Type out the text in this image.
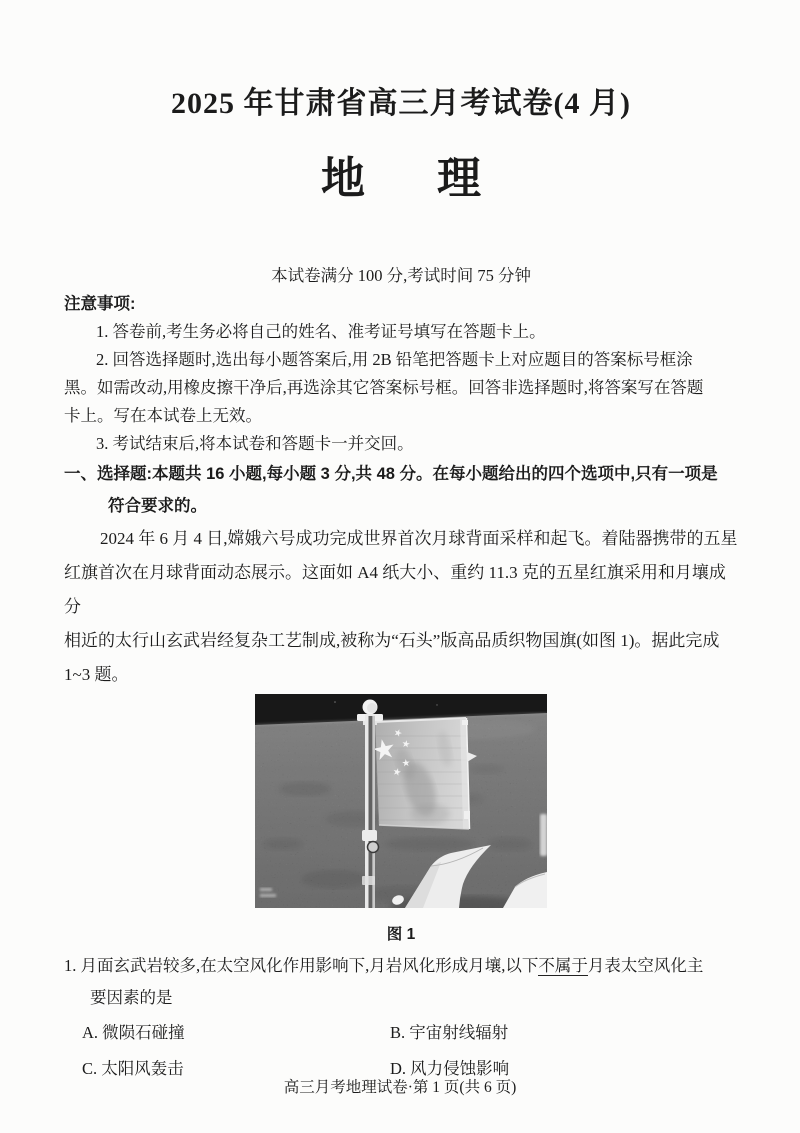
2025 年甘肃省高三月考试卷(4 月)
地 理
本试卷满分 100 分,考试时间 75 分钟
注意事项:
1. 答卷前,考生务必将自己的姓名、准考证号填写在答题卡上。
2. 回答选择题时,选出每小题答案后,用 2B 铅笔把答题卡上对应题目的答案标号框涂
黑。如需改动,用橡皮擦干净后,再选涂其它答案标号框。回答非选择题时,将答案写在答题
卡上。写在本试卷上无效。
3. 考试结束后,将本试卷和答题卡一并交回。
一、选择题:本题共 16 小题,每小题 3 分,共 48 分。在每小题给出的四个选项中,只有一项是
符合要求的。
2024 年 6 月 4 日,嫦娥六号成功完成世界首次月球背面采样和起飞。着陆器携带的五星
红旗首次在月球背面动态展示。这面如 A4 纸大小、重约 11.3 克的五星红旗采用和月壤成分
相近的太行山玄武岩经复杂工艺制成,被称为“石头”版高品质织物国旗(如图 1)。据此完成
1~3 题。
图 1
1. 月面玄武岩较多,在太空风化作用影响下,月岩风化形成月壤,以下不属于月表太空风化主
要因素的是
A. 微陨石碰撞	B. 宇宙射线辐射
C. 太阳风轰击	D. 风力侵蚀影响
高三月考地理试卷·第 1 页(共 6 页)
